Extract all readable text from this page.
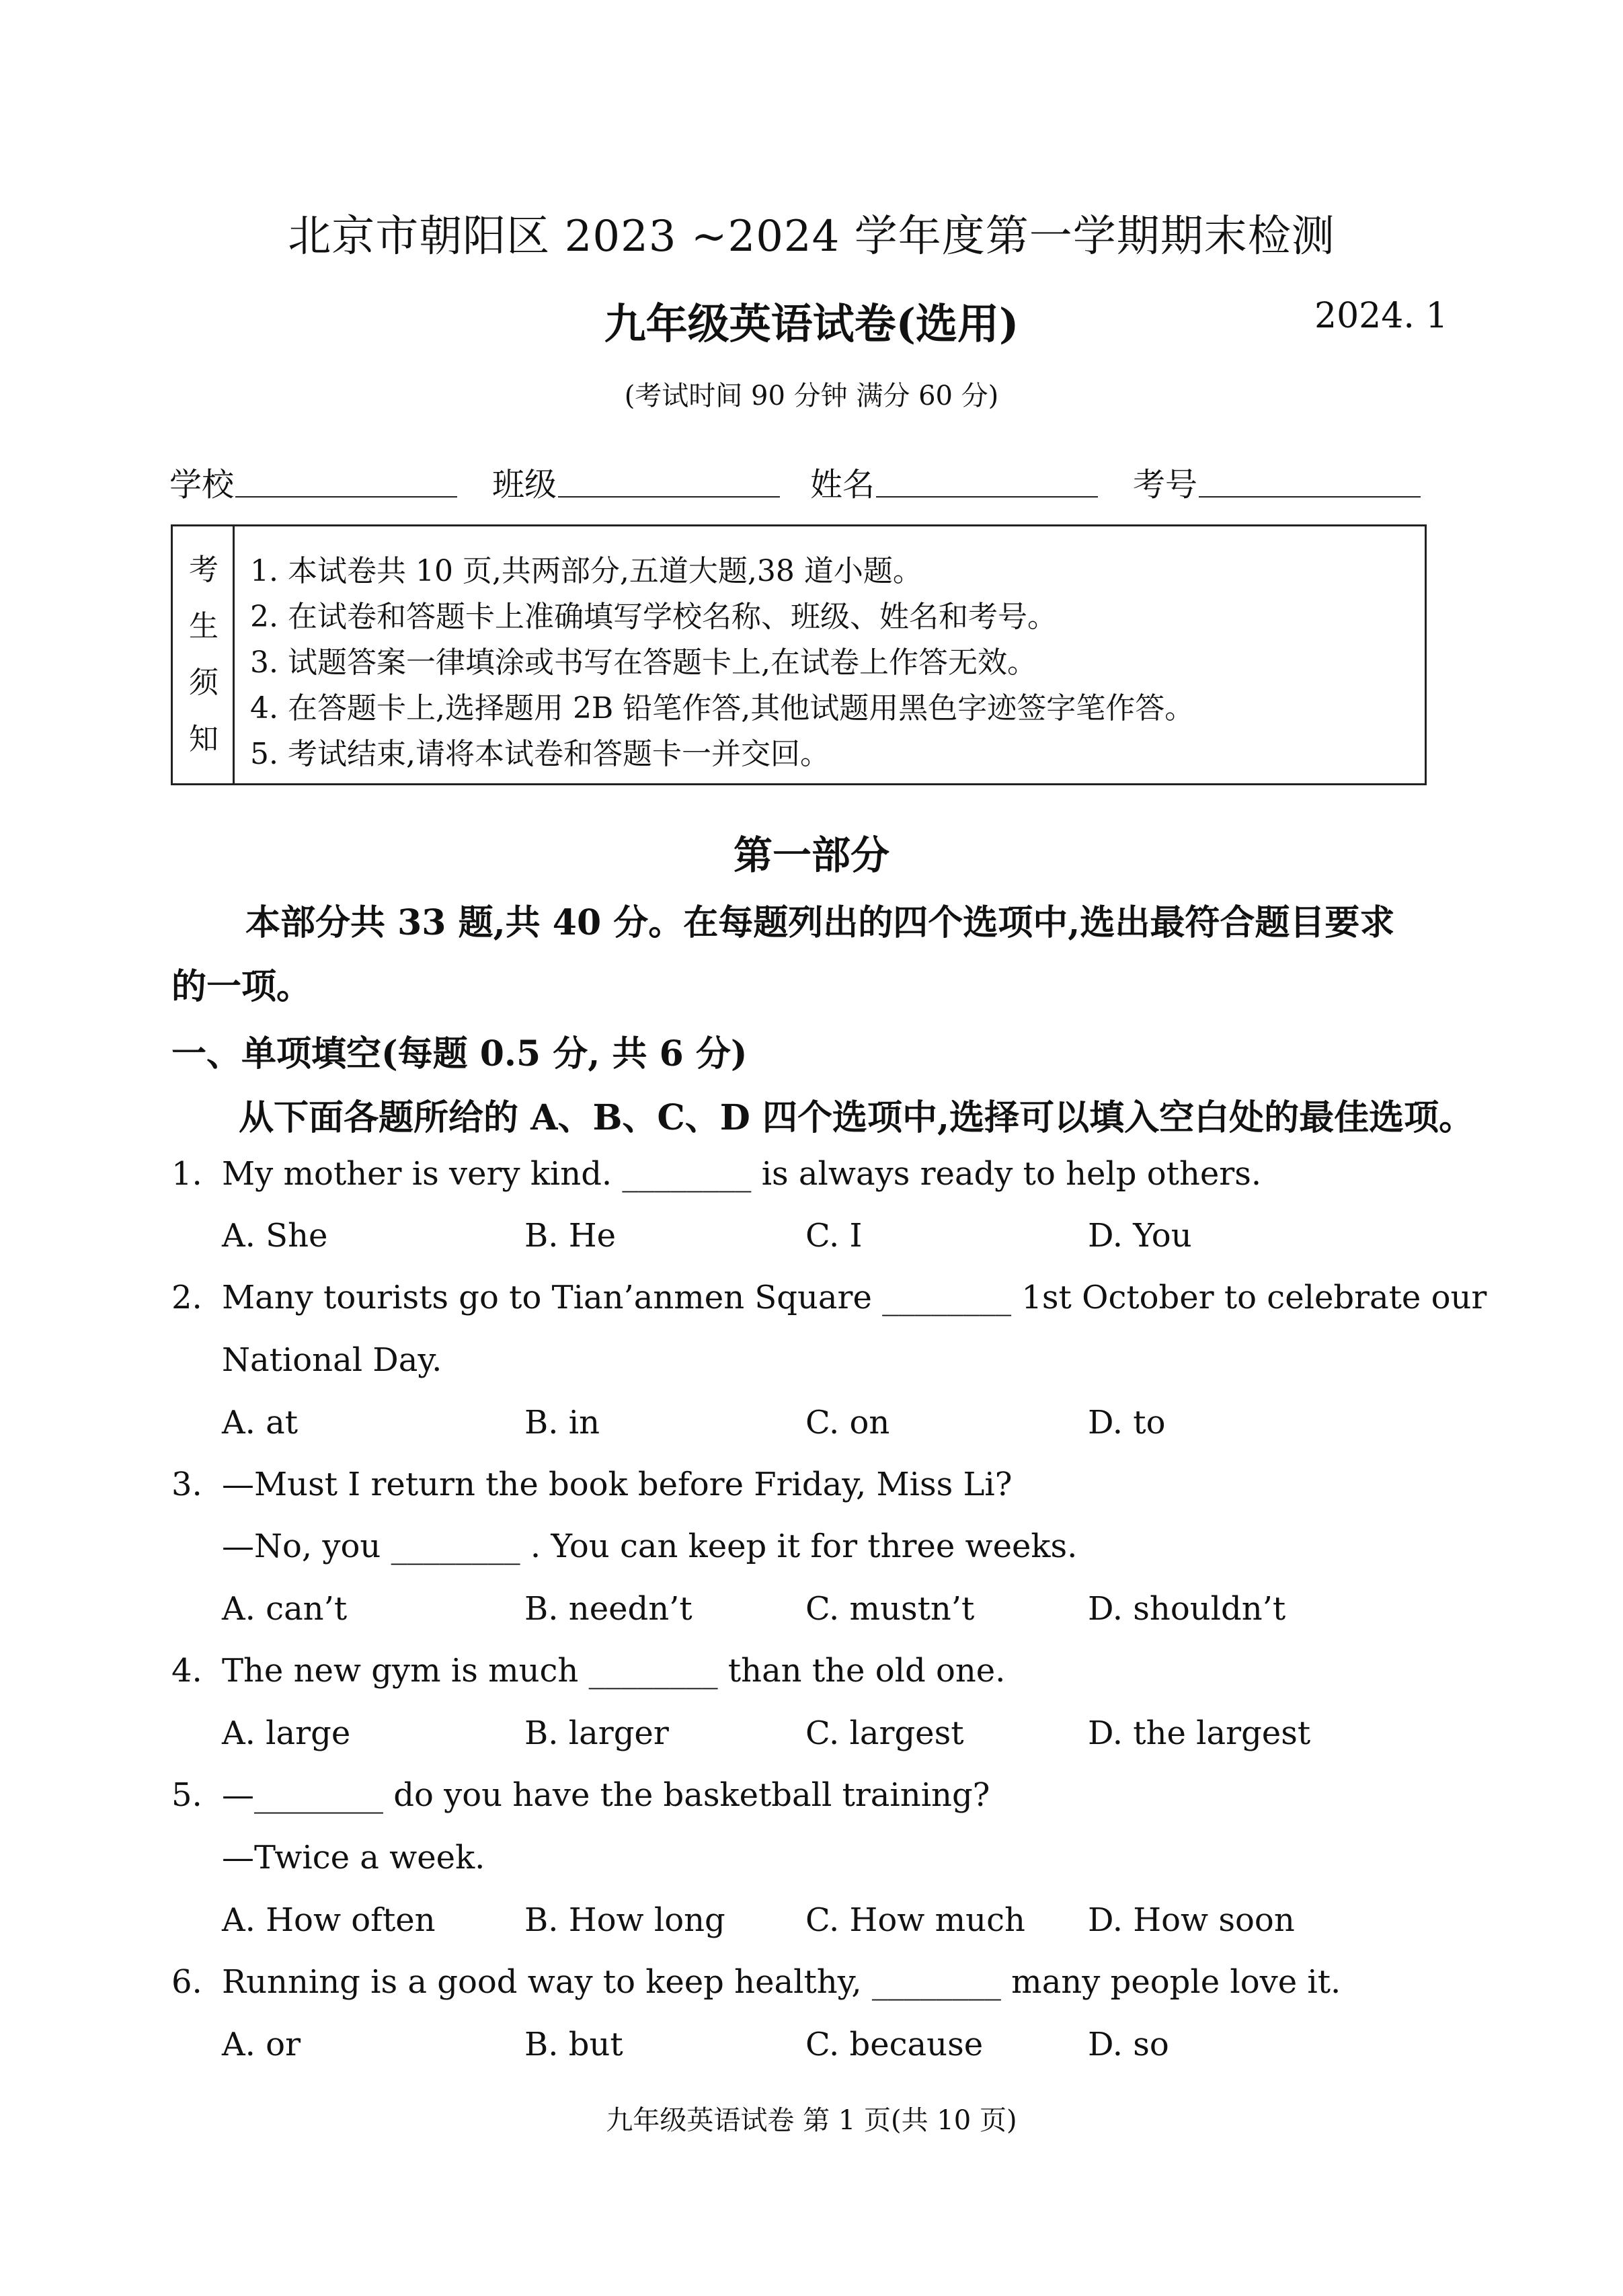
北京市朝阳区 2023 ~2024 学年度第一学期期末检测
九年级英语试卷(选用)	2024. 1
(考试时间 90 分钟 满分 60 分)
学校	班级	姓名	考号
考
生
须
知
1. 本试卷共 10 页,共两部分,五道大题,38 道小题。
2. 在试卷和答题卡上准确填写学校名称、班级、姓名和考号。
3. 试题答案一律填涂或书写在答题卡上,在试卷上作答无效。
4. 在答题卡上,选择题用 2B 铅笔作答,其他试题用黑色字迹签字笔作答。
5. 考试结束,请将本试卷和答题卡一并交回。
第一部分
本部分共 33 题,共 40 分。在每题列出的四个选项中,选出最符合题目要求
的一项。
一、单项填空(每题 0.5 分, 共 6 分)
从下面各题所给的 A、B、C、D 四个选项中,选择可以填入空白处的最佳选项。
1. My mother is very kind. ________ is always ready to help others.
A. She	B. He	C. I	D. You
2. Many tourists go to Tian’anmen Square ________ 1st October to celebrate our
National Day.
A. at	B. in	C. on	D. to
3. —Must I return the book before Friday, Miss Li?
—No, you ________ . You can keep it for three weeks.
A. can’t	B. needn’t	C. mustn’t	D. shouldn’t
4. The new gym is much ________ than the old one.
A. large	B. larger	C. largest	D. the largest
5. —________ do you have the basketball training?
—Twice a week.
A. How often	B. How long C. How much D. How soon
6. Running is a good way to keep healthy, ________ many people love it.
A. or	B. but	C. because	D. so
九年级英语试卷 第 1 页(共 10 页)
